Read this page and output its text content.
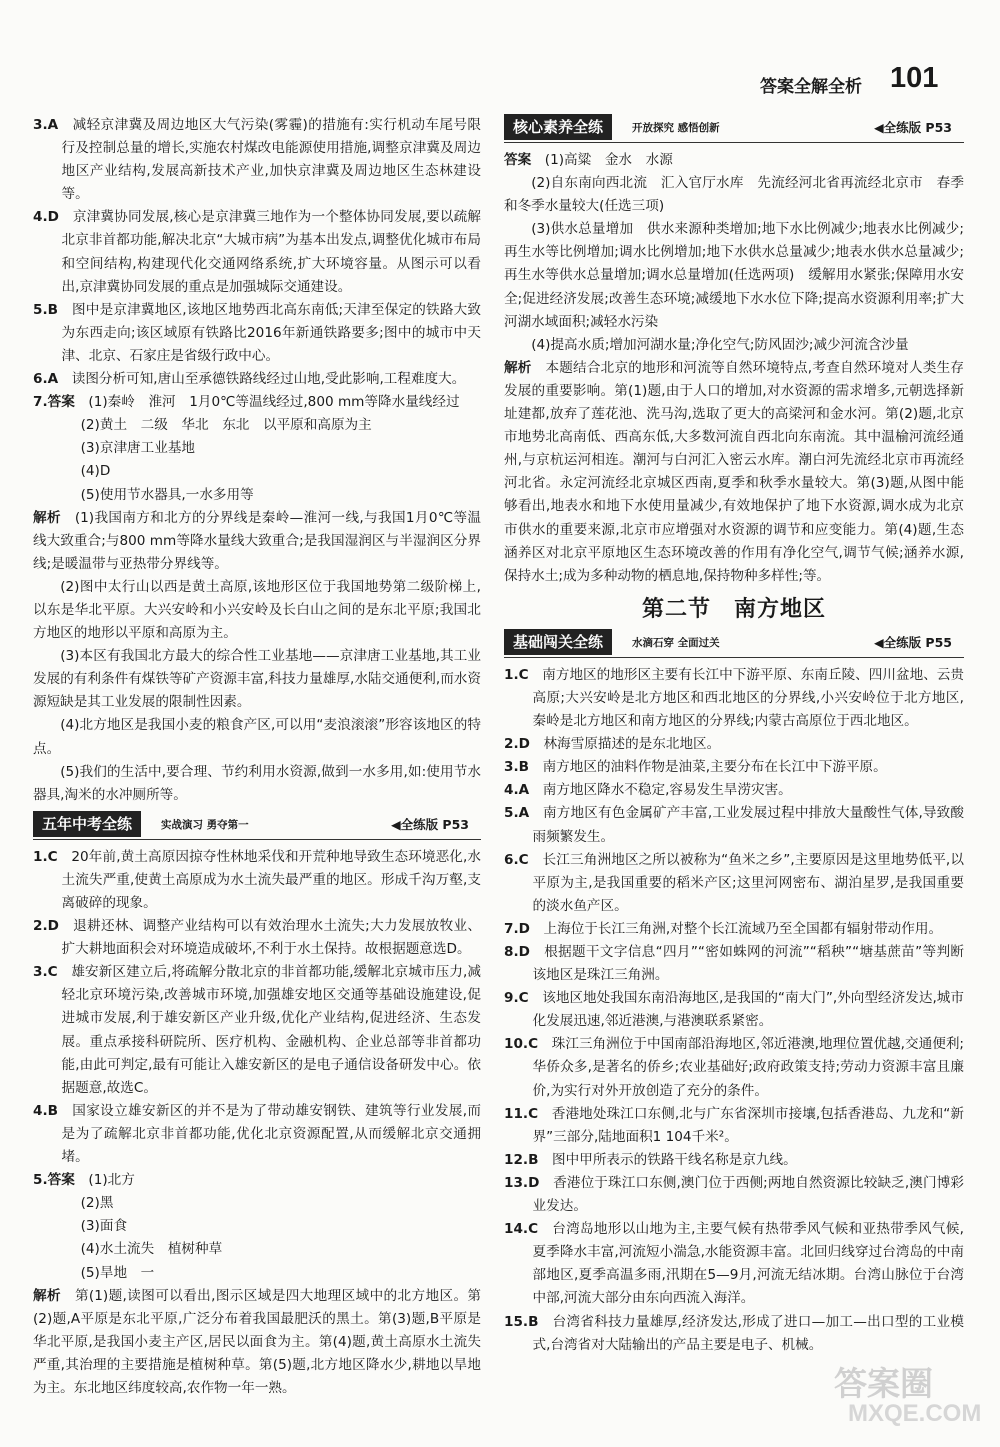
答案全解全析 101

3.A　 减轻京津冀及周边地区大气污染(雾霾)的措施有:实行机动车尾号限行及控制总量的增长,实施农村煤改电能源使用措施,调整京津冀及周边地区产业结构,发展高新技术产业,加快京津冀及周边地区生态林建设等。

4.D　 京津冀协同发展,核心是京津冀三地作为一个整体协同发展,要以疏解北京非首都功能,解决北京“大城市病”为基本出发点,调整优化城市布局和空间结构,构建现代化交通网络系统,扩大环境容量。从图示可以看出,京津冀协同发展的重点是加强城际交通建设。

5.B　 图中是京津冀地区,该地区地势西北高东南低;天津至保定的铁路大致为东西走向;该区域原有铁路比2016年新通铁路要多;图中的城市中天津、北京、石家庄是省级行政中心。

6.A　 读图分析可知,唐山至承德铁路线经过山地,受此影响,工程难度大。

7.答案　 (1)秦岭　淮河　1月0℃等温线经过,800 mm等降水量线经过

(2)黄土　二级　华北　东北　以平原和高原为主

(3)京津唐工业基地

(4)D

(5)使用节水器具,一水多用等

解析　 (1)我国南方和北方的分界线是秦岭—淮河一线,与我国1月0℃等温线大致重合;与800 mm等降水量线大致重合;是我国湿润区与半湿润区分界线;是暖温带与亚热带分界线等。

(2)图中太行山以西是黄土高原,该地形区位于我国地势第二级阶梯上,以东是华北平原。大兴安岭和小兴安岭及长白山之间的是东北平原;我国北方地区的地形以平原和高原为主。

(3)本区有我国北方最大的综合性工业基地——京津唐工业基地,其工业发展的有利条件有煤铁等矿产资源丰富,科技力量雄厚,水陆交通便利,而水资源短缺是其工业发展的限制性因素。

(4)北方地区是我国小麦的粮食产区,可以用“麦浪滚滚”形容该地区的特点。

(5)我们的生活中,要合理、节约利用水资源,做到一水多用,如:使用节水器具,淘米的水冲厕所等。

五年中考全练	实战演习 勇夺第一	◀全练版 P53

1.C　 20年前,黄土高原因掠夺性林地采伐和开荒种地导致生态环境恶化,水土流失严重,使黄土高原成为水土流失最严重的地区。形成千沟万壑,支离破碎的现象。

2.D　 退耕还林、调整产业结构可以有效治理水土流失;大力发展放牧业、扩大耕地面积会对环境造成破坏,不利于水土保持。故根据题意选D。

3.C　 雄安新区建立后,将疏解分散北京的非首都功能,缓解北京城市压力,减轻北京环境污染,改善城市环境,加强雄安地区交通等基础设施建设,促进城市发展,利于雄安新区产业升级,优化产业结构,促进经济、生态发展。重点承接科研院所、医疗机构、金融机构、企业总部等非首都功能,由此可判定,最有可能让入雄安新区的是电子通信设备研发中心。依据题意,故选C。

4.B　 国家设立雄安新区的并不是为了带动雄安钢铁、建筑等行业发展,而是为了疏解北京非首都功能,优化北京资源配置,从而缓解北京交通拥堵。

5.答案　 (1)北方

(2)黑

(3)面食

(4)水土流失　植树种草

(5)旱地　一

解析　 第(1)题,读图可以看出,图示区域是四大地理区域中的北方地区。第(2)题,A平原是东北平原,广泛分布着我国最肥沃的黑土。第(3)题,B平原是华北平原,是我国小麦主产区,居民以面食为主。第(4)题,黄土高原水土流失严重,其治理的主要措施是植树种草。第(5)题,北方地区降水少,耕地以旱地为主。东北地区纬度较高,农作物一年一熟。

核心素养全练	开放探究 感悟创新	◀全练版 P53

答案　 (1)高粱　金水　水源

(2)自东南向西北流　汇入官厅水库　先流经河北省再流经北京市　春季和冬季水量较大(任选三项)

(3)供水总量增加　供水来源种类增加;地下水比例减少;地表水比例减少;再生水等比例增加;调水比例增加;地下水供水总量减少;地表水供水总量减少;再生水等供水总量增加;调水总量增加(任选两项)　缓解用水紧张;保障用水安全;促进经济发展;改善生态环境;减缓地下水水位下降;提高水资源利用率;扩大河湖水域面积;减轻水污染

(4)提高水质;增加河湖水量;净化空气;防风固沙;减少河流含沙量

解析　 本题结合北京的地形和河流等自然环境特点,考查自然环境对人类生存发展的重要影响。第(1)题,由于人口的增加,对水资源的需求增多,元朝选择新址建都,放弃了莲花池、洗马沟,选取了更大的高梁河和金水河。第(2)题,北京市地势北高南低、西高东低,大多数河流自西北向东南流。其中温榆河流经通州,与京杭运河相连。潮河与白河汇入密云水库。潮白河先流经北京市再流经河北省。永定河流经北京城区西南,夏季和秋季水量较大。第(3)题,从图中能够看出,地表水和地下水使用量减少,有效地保护了地下水资源,调水成为北京市供水的重要来源,北京市应增强对水资源的调节和应变能力。第(4)题,生态涵养区对北京平原地区生态环境改善的作用有净化空气,调节气候;涵养水源,保持水土;成为多种动物的栖息地,保持物种多样性;等。

第二节　南方地区
基础闯关全练	水滴石穿 全面过关	◀全练版 P55

1.C　 南方地区的地形区主要有长江中下游平原、东南丘陵、四川盆地、云贵高原;大兴安岭是北方地区和西北地区的分界线,小兴安岭位于北方地区,秦岭是北方地区和南方地区的分界线;内蒙古高原位于西北地区。

2.D　 林海雪原描述的是东北地区。

3.B　 南方地区的油料作物是油菜,主要分布在长江中下游平原。

4.A　 南方地区降水不稳定,容易发生旱涝灾害。

5.A　 南方地区有色金属矿产丰富,工业发展过程中排放大量酸性气体,导致酸雨频繁发生。

6.C　 长江三角洲地区之所以被称为“鱼米之乡”,主要原因是这里地势低平,以平原为主,是我国重要的稻米产区;这里河网密布、湖泊星罗,是我国重要的淡水鱼产区。

7.D　 上海位于长江三角洲,对整个长江流域乃至全国都有辐射带动作用。

8.D　 根据题干文字信息“四月”“密如蛛网的河流”“稻秧”“塘基蔗苗”等判断该地区是珠江三角洲。

9.C　 该地区地处我国东南沿海地区,是我国的“南大门”,外向型经济发达,城市化发展迅速,邻近港澳,与港澳联系紧密。

10.C　 珠江三角洲位于中国南部沿海地区,邻近港澳,地理位置优越,交通便利;华侨众多,是著名的侨乡;农业基础好;政府政策支持;劳动力资源丰富且廉价,为实行对外开放创造了充分的条件。

11.C　 香港地处珠江口东侧,北与广东省深圳市接壤,包括香港岛、九龙和“新界”三部分,陆地面积1 104千米²。

12.B　 图中甲所表示的铁路干线名称是京九线。

13.D　 香港位于珠江口东侧,澳门位于西侧;两地自然资源比较缺乏,澳门博彩业发达。

14.C　 台湾岛地形以山地为主,主要气候有热带季风气候和亚热带季风气候,夏季降水丰富,河流短小湍急,水能资源丰富。北回归线穿过台湾岛的中南部地区,夏季高温多雨,汛期在5—9月,河流无结冰期。台湾山脉位于台湾中部,河流大部分由东向西流入海洋。

15.B　 台湾省科技力量雄厚,经济发达,形成了进口—加工—出口型的工业模式,台湾省对大陆输出的产品主要是电子、机械。

答案圈
MXQE.COM
